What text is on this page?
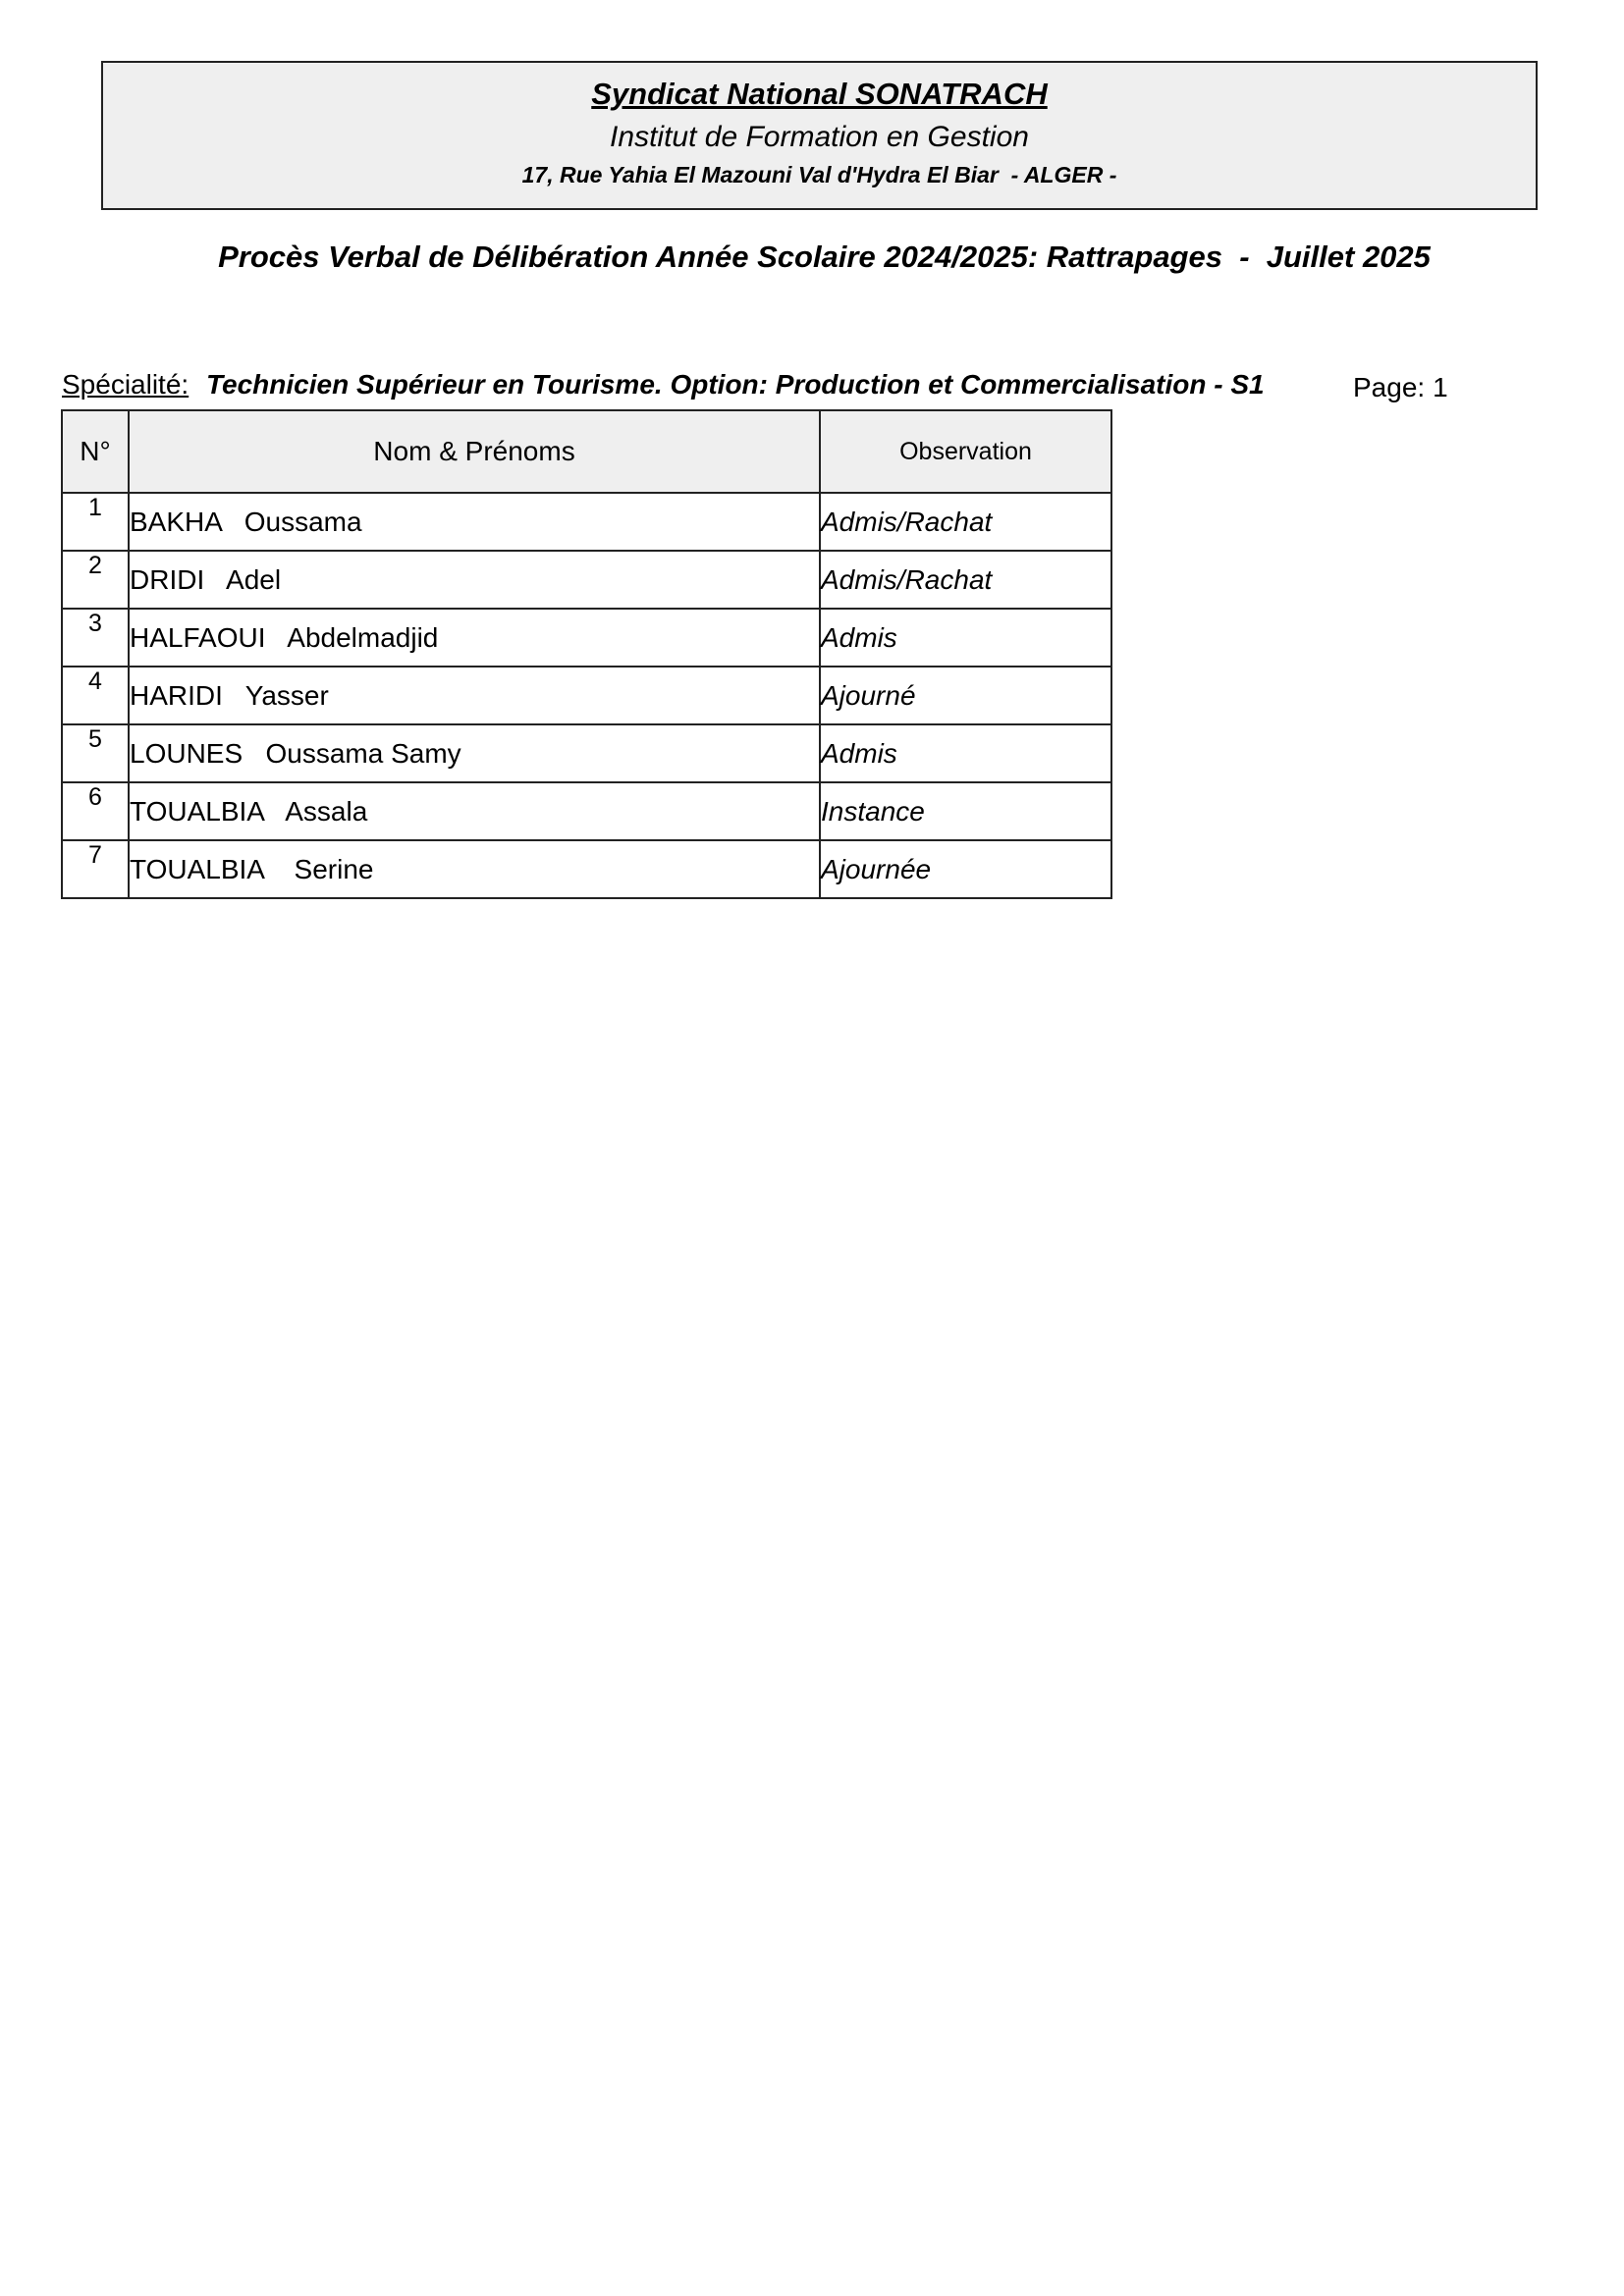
Syndicat National SONATRACH
Institut de Formation en Gestion
17, Rue Yahia El Mazouni Val d'Hydra El Biar  - ALGER -
Procès Verbal de Délibération Année Scolaire 2024/2025: Rattrapages  -  Juillet 2025
Spécialité: Technicien Supérieur en Tourisme. Option: Production et Commercialisation - S1	Page: 1
N°	Nom & Prénoms	Observation
1	BAKHA   Oussama	Admis/Rachat
2	DRIDI   Adel	Admis/Rachat
3	HALFAOUI   Abdelmadjid	Admis
4	HARIDI   Yasser	Ajourné
5	LOUNES   Oussama Samy	Admis
6	TOUALBIA   Assala	Instance
7	TOUALBIA    Serine	Ajournée
